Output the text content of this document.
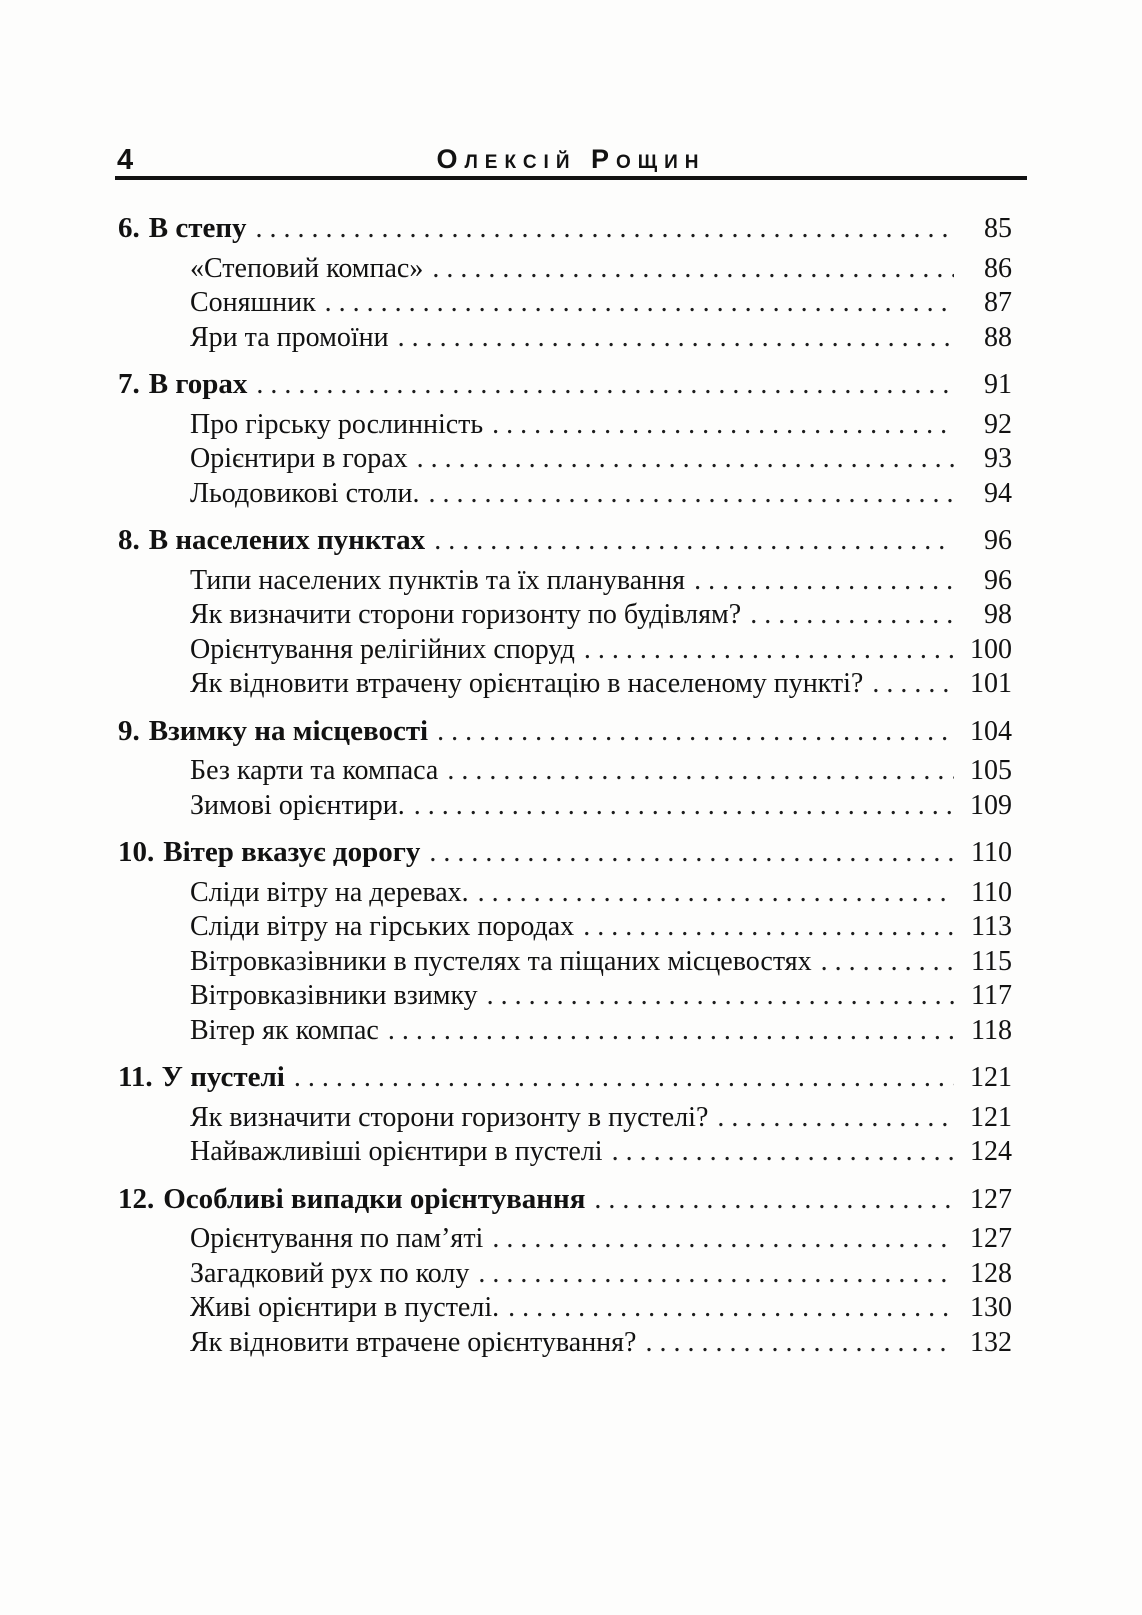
4	Олексій Рощин
6. В степу .....	85
«Степовий компас» .....	86
Соняшник .....	87
Яри та промоїни .....	88
7. В горах .....	91
Про гірську рослинність .....	92
Орієнтири в горах .....	93
Льодовикові столи. .....	94
8. В населених пунктах .....	96
Типи населених пунктів та їх планування .....	96
Як визначити сторони горизонту по будівлям? .....	98
Орієнтування релігійних споруд .....	100
Як відновити втрачену орієнтацію в населеному пункті? .....	101
9. Взимку на місцевості .....	104
Без карти та компаса .....	105
Зимові орієнтири. .....	109
10. Вітер вказує дорогу .....	110
Сліди вітру на деревах. .....	110
Сліди вітру на гірських породах .....	113
Вітровказівники в пустелях та піщаних місцевостях .....	115
Вітровказівники взимку .....	117
Вітер як компас .....	118
11. У пустелі .....	121
Як визначити сторони горизонту в пустелі? .....	121
Найважливіші орієнтири в пустелі .....	124
12. Особливі випадки орієнтування .....	127
Орієнтування по пам’яті .....	127
Загадковий рух по колу .....	128
Живі орієнтири в пустелі. .....	130
Як відновити втрачене орієнтування? .....	132
